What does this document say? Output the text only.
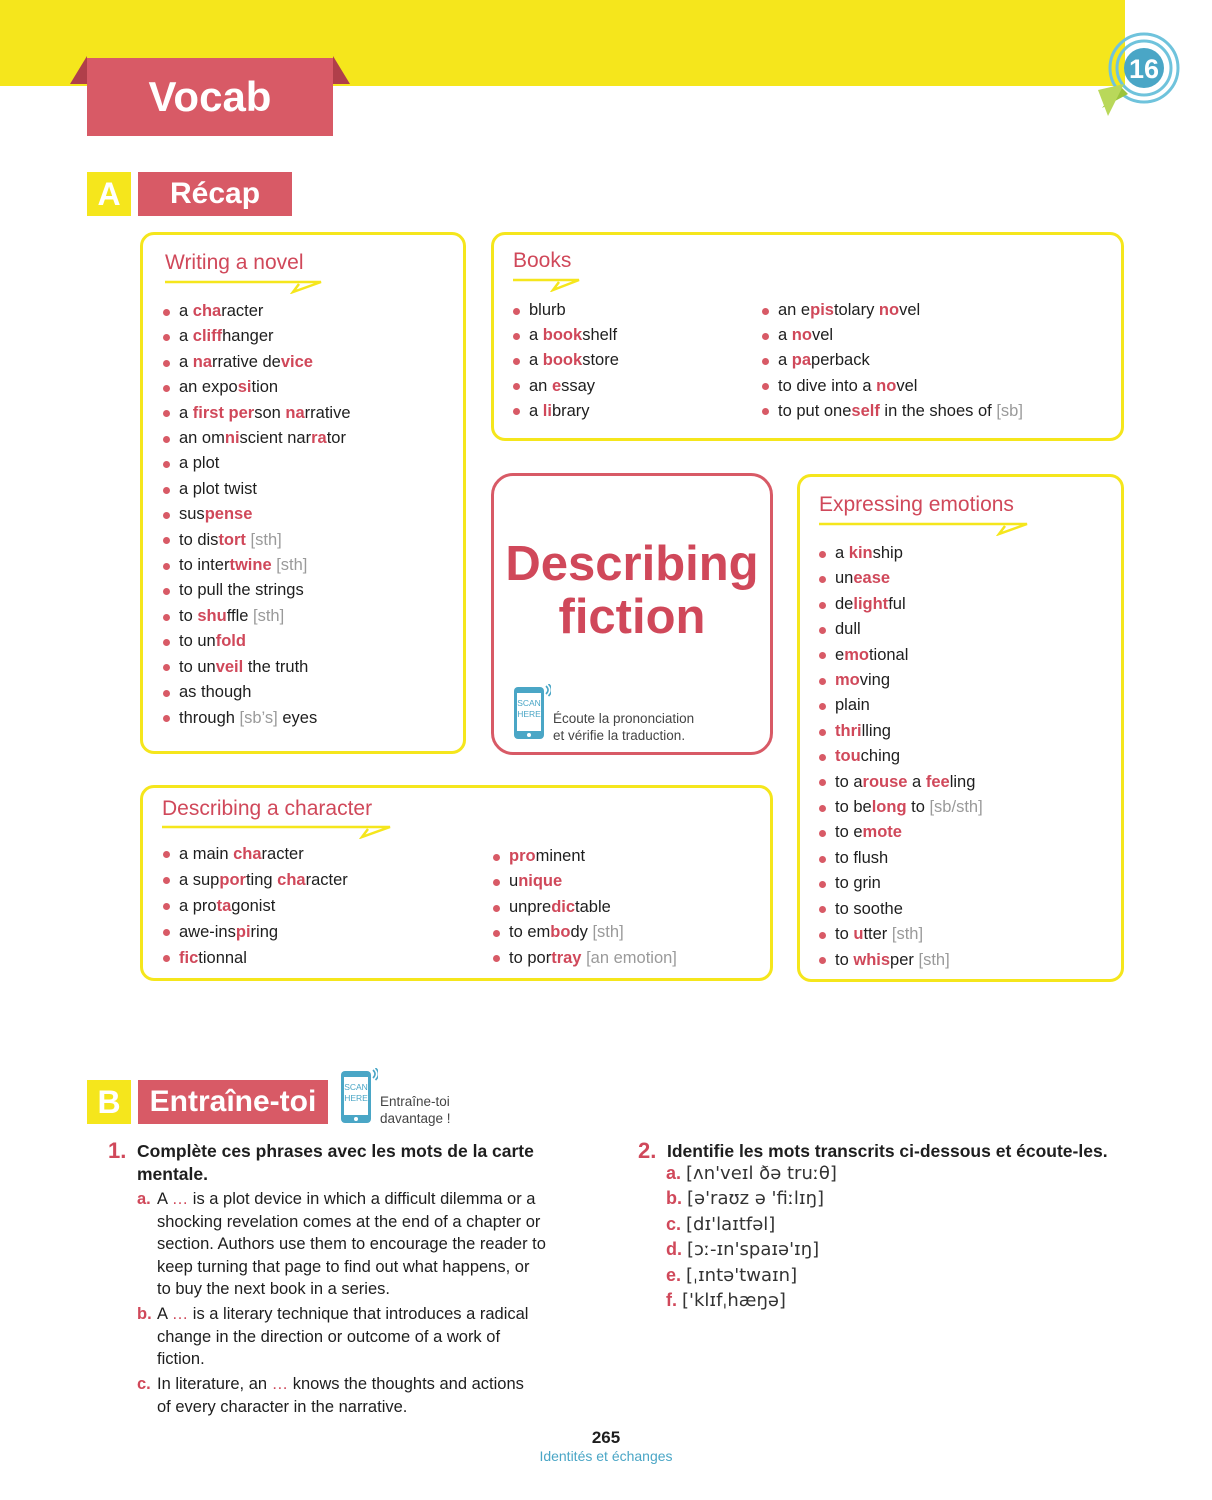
Vocab
16
A Récap
Writing a novel
a character
a cliffhanger
a narrative device
an exposition
a first person narrative
an omniscient narrator
a plot
a plot twist
suspense
to distort [sth]
to intertwine [sth]
to pull the strings
to shuffle [sth]
to unfold
to unveil the truth
as though
through [sb’s] eyes
Books
blurb
a bookshelf
a bookstore
an essay
a library
an epistolary novel
a novel
a paperback
to dive into a novel
to put oneself in the shoes of [sb]
Describing
fiction
SCAN
HERE Écoute la prononciation
et vérifie la traduction.
Expressing emotions
a kinship
unease
delightful
dull
emotional
moving
plain
thrilling
touching
to arouse a feeling
to belong to [sb/sth]
to emote
to flush
to grin
to soothe
to utter [sth]
to whisper [sth]
Describing a character
a main character
a supporting character
a protagonist
awe-inspiring
fictionnal
prominent
unique
unpredictable
to embody [sth]
to portray [an emotion]
B Entraîne-toi	SCAN
HERE Entraîne-toi
davantage !
1. Complète ces phrases avec les mots de la carte
mentale.
a. A … is a plot device in which a difficult dilemma or a
shocking revelation comes at the end of a chapter or
section. Authors use them to encourage the reader to
keep turning that page to find out what happens, or
to buy the next book in a series.
b. A … is a literary technique that introduces a radical
change in the direction or outcome of a work of
fiction.
c. In literature, an … knows the thoughts and actions
of every character in the narrative.
2. Identifie les mots transcrits ci-dessous et écoute-les.
a. [ʌn'veɪl ðə truːθ]
b. [ə'raʊz ə 'fiːlɪŋ]
c. [dɪ'laɪtfəl]
d. [ɔː-ɪn'spaɪə'ɪŋ]
e. [ˌɪntə'twaɪn]
f. ['klɪfˌhæŋə]
265
Identités et échanges
